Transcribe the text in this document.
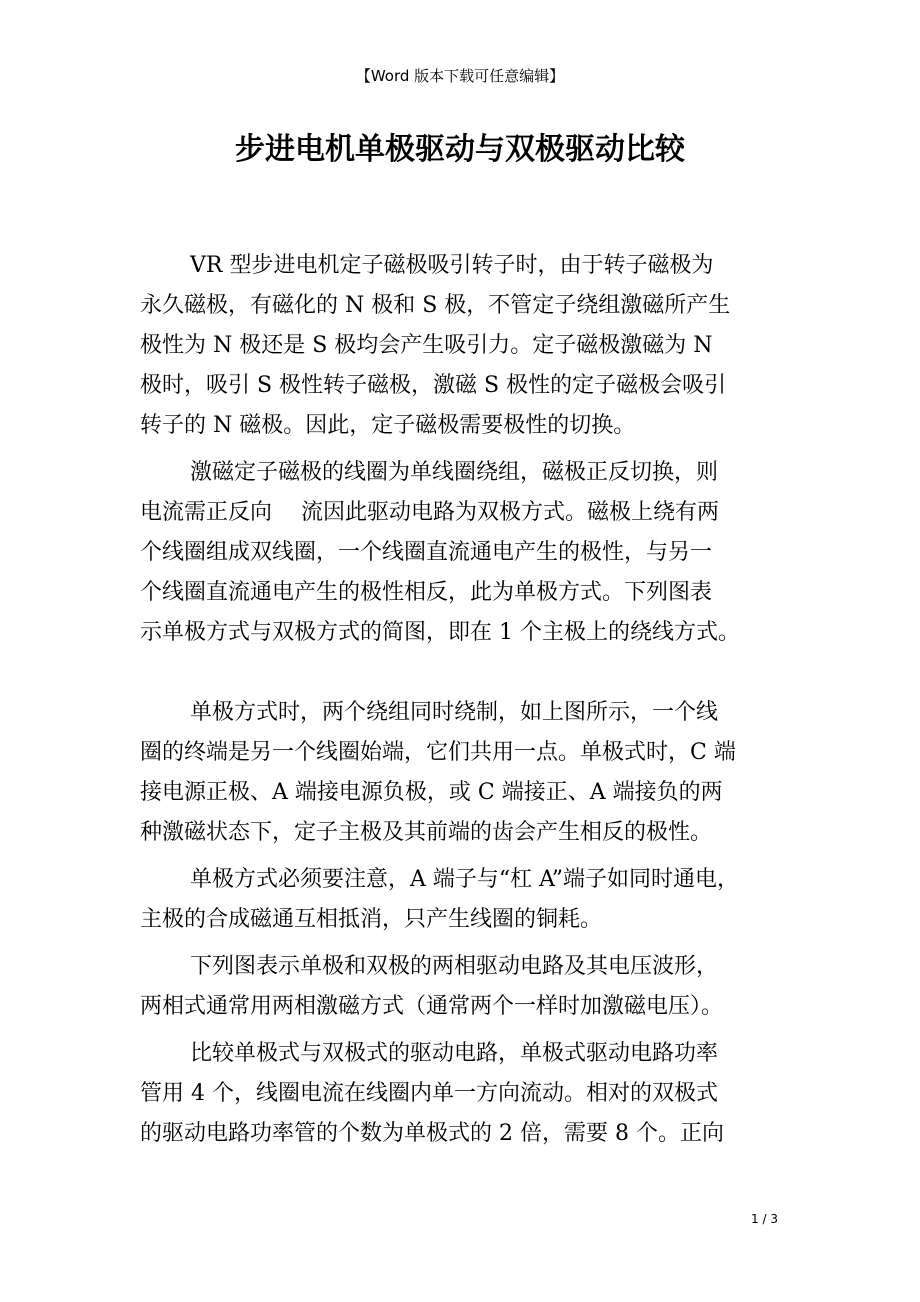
【Word 版本下载可任意编辑】
步进电机单极驱动与双极驱动比较

VR 型步进电机定子磁极吸引转子时，由于转子磁极为
永久磁极，有磁化的 N 极和 S 极，不管定子绕组激磁所产生
极性为 N 极还是 S 极均会产生吸引力。定子磁极激磁为 N
极时，吸引 S 极性转子磁极，激磁 S 极性的定子磁极会吸引
转子的 N 磁极。因此，定子磁极需要极性的切换。

激磁定子磁极的线圈为单线圈绕组，磁极正反切换，则
电流需正反向　 流因此驱动电路为双极方式。磁极上绕有两
个线圈组成双线圈，一个线圈直流通电产生的极性，与另一
个线圈直流通电产生的极性相反，此为单极方式。下列图表
示单极方式与双极方式的简图，即在 1 个主极上的绕线方式。

单极方式时，两个绕组同时绕制，如上图所示，一个线
圈的终端是另一个线圈始端，它们共用一点。单极式时，C 端
接电源正极、A 端接电源负极，或 C 端接正、A 端接负的两
种激磁状态下，定子主极及其前端的齿会产生相反的极性。

单极方式必须要注意，A 端子与“杠 A”端子如同时通电，
主极的合成磁通互相抵消，只产生线圈的铜耗。

下列图表示单极和双极的两相驱动电路及其电压波形，
两相式通常用两相激磁方式（通常两个一样时加激磁电压）。

比较单极式与双极式的驱动电路，单极式驱动电路功率
管用 4 个，线圈电流在线圈内单一方向流动。相对的双极式
的驱动电路功率管的个数为单极式的 2 倍，需要 8 个。正向

1 / 3
